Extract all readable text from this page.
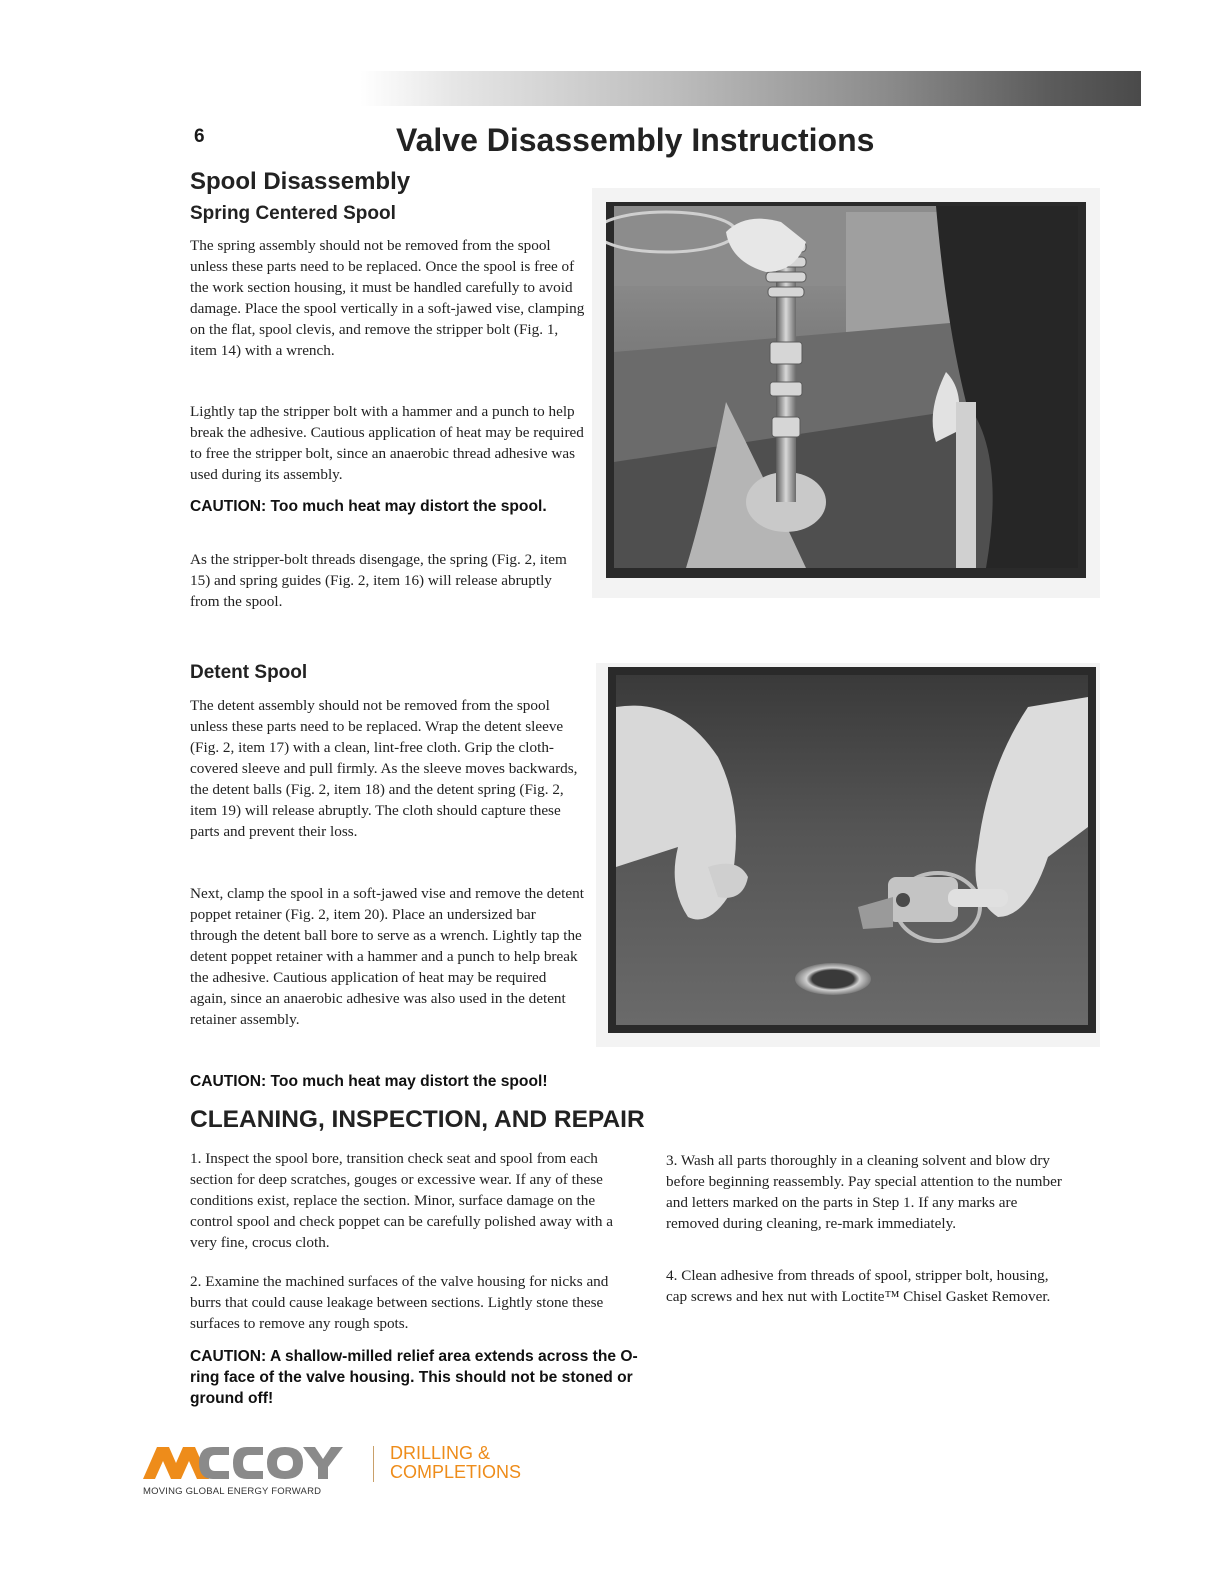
6	Valve Disassembly Instructions
Spool Disassembly
Spring Centered Spool

The spring assembly should not be removed from the spool unless these parts need to be replaced. Once the spool is free of the work section housing, it must be handled carefully to avoid damage. Place the spool vertically in a soft-jawed vise, clamping on the flat, spool clevis, and remove the stripper bolt (Fig. 1, item 14) with a wrench.

Lightly tap the stripper bolt with a hammer and a punch to help break the adhesive. Cautious application of heat may be required to free the stripper bolt, since an anaerobic thread adhesive was used during its assembly.

CAUTION: Too much heat may distort the spool.

As the stripper-bolt threads disengage, the spring (Fig. 2, item 15) and spring guides (Fig. 2, item 16) will release abruptly from the spool.

Detent Spool

The detent assembly should not be removed from the spool unless these parts need to be replaced. Wrap the detent sleeve (Fig. 2, item 17) with a clean, lint-free cloth. Grip the cloth-covered sleeve and pull firmly. As the sleeve moves backwards, the detent balls (Fig. 2, item 18) and the detent spring (Fig. 2, item 19) will release abruptly. The cloth should capture these parts and prevent their loss.

Next, clamp the spool in a soft-jawed vise and remove the detent poppet retainer (Fig. 2, item 20). Place an undersized bar through the detent ball bore to serve as a wrench. Lightly tap the detent poppet retainer with a hammer and a punch to help break the adhesive. Cautious application of heat may be required again, since an anaerobic adhesive was also used in the detent retainer assembly.

CAUTION: Too much heat may distort the spool!

CLEANING, INSPECTION, AND REPAIR

1. Inspect the spool bore, transition check seat and spool from each section for deep scratches, gouges or excessive wear. If any of these conditions exist, replace the section. Minor, surface damage on the control spool and check poppet can be carefully polished away with a very fine, crocus cloth.

2. Examine the machined surfaces of the valve housing for nicks and burrs that could cause leakage between sections. Lightly stone these surfaces to remove any rough spots.

CAUTION: A shallow-milled relief area extends across the O-ring face of the valve housing. This should not be stoned or ground off!

3. Wash all parts thoroughly in a cleaning solvent and blow dry before beginning reassembly. Pay special attention to the number and letters marked on the parts in Step 1. If any marks are removed during cleaning, re-mark immediately.

4. Clean adhesive from threads of spool, stripper bolt, housing, cap screws and hex nut with Loctite™ Chisel Gasket Remover.

MOVING GLOBAL ENERGY FORWARD
DRILLING &
COMPLETIONS
